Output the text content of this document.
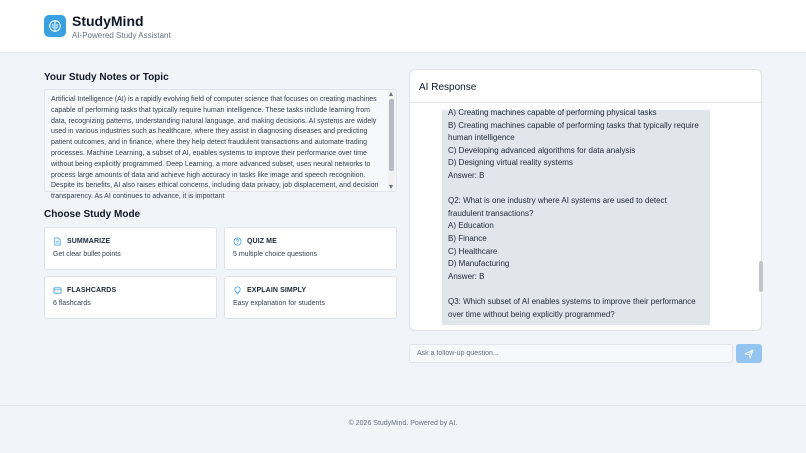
StudyMind
AI-Powered Study Assistant
Your Study Notes or Topic
Artificial Intelligence (AI) is a rapidly evolving field of computer science that focuses on creating machines capable of performing tasks that typically require human intelligence. These tasks include learning from data, recognizing patterns, understanding natural language, and making decisions. AI systems are widely used in various industries such as healthcare, where they assist in diagnosing diseases and predicting patient outcomes, and in finance, where they help detect fraudulent transactions and automate trading processes. Machine Learning, a subset of AI, enables systems to improve their performance over time without being explicitly programmed. Deep Learning, a more advanced subset, uses neural networks to process large amounts of data and achieve high accuracy in tasks like image and speech recognition. Despite its benefits, AI also raises ethical concerns, including data privacy, job displacement, and decision transparency. As AI continues to advance, it is important
Choose Study Mode
SUMMARIZE
Get clear bullet points
QUIZ ME
5 multiple choice questions
FLASHCARDS
6 flashcards
EXPLAIN SIMPLY
Easy explanation for students
AI Response
A) Creating machines capable of performing physical tasks
B) Creating machines capable of performing tasks that typically require human intelligence
C) Developing advanced algorithms for data analysis
D) Designing virtual reality systems
Answer: B
Q2: What is one industry where AI systems are used to detect fraudulent transactions?
A) Education
B) Finance
C) Healthcare
D) Manufacturing
Answer: B
Q3: Which subset of AI enables systems to improve their performance over time without being explicitly programmed?
Ask a follow-up question...
© 2026 StudyMind. Powered by AI.
